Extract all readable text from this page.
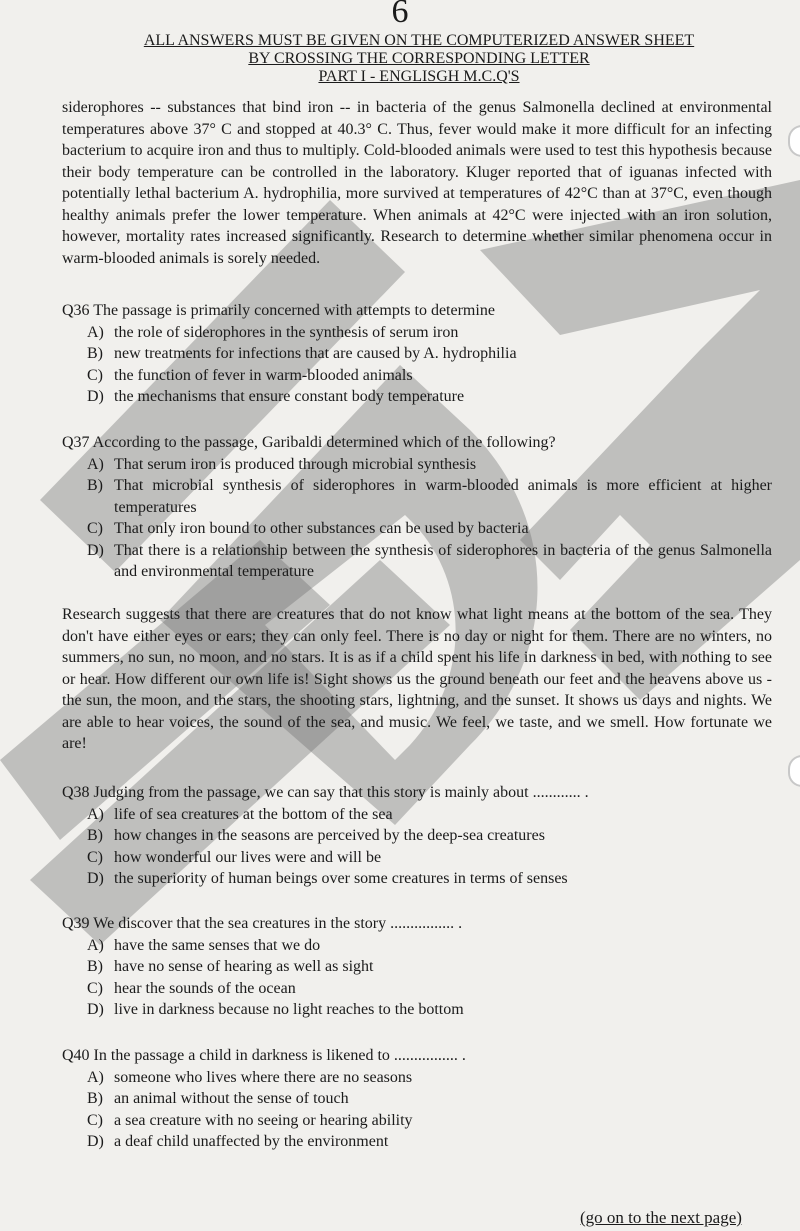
6
ALL ANSWERS MUST BE GIVEN ON THE COMPUTERIZED ANSWER SHEET
BY CROSSING THE CORRESPONDING LETTER
PART I - ENGLISGH M.C.Q'S
siderophores -- substances that bind iron -- in bacteria of the genus Salmonella declined at environmental temperatures above 37° C and stopped at 40.3° C. Thus, fever would make it more difficult for an infecting bacterium to acquire iron and thus to multiply. Cold-blooded animals were used to test this hypothesis because their body temperature can be controlled in the laboratory. Kluger reported that of iguanas infected with potentially lethal bacterium A. hydrophilia, more survived at temperatures of 42°C than at 37°C, even though healthy animals prefer the lower temperature. When animals at 42°C were injected with an iron solution, however, mortality rates increased significantly. Research to determine whether similar phenomena occur in warm-blooded animals is sorely needed.

Q36 The passage is primarily concerned with attempts to determine

A) the role of siderophores in the synthesis of serum iron
B) new treatments for infections that are caused by A. hydrophilia
C) the function of fever in warm-blooded animals
D) the mechanisms that ensure constant body temperature

Q37 According to the passage, Garibaldi determined which of the following?

A) That serum iron is produced through microbial synthesis
B) That microbial synthesis of siderophores in warm-blooded animals is more efficient at higher temperatures
C) That only iron bound to other substances can be used by bacteria
D) That there is a relationship between the synthesis of siderophores in bacteria of the genus Salmonella and environmental temperature
Research suggests that there are creatures that do not know what light means at the bottom of the sea. They don't have either eyes or ears; they can only feel. There is no day or night for them. There are no winters, no summers, no sun, no moon, and no stars. It is as if a child spent his life in darkness in bed, with nothing to see or hear. How different our own life is! Sight shows us the ground beneath our feet and the heavens above us - the sun, the moon, and the stars, the shooting stars, lightning, and the sunset. It shows us days and nights. We are able to hear voices, the sound of the sea, and music. We feel, we taste, and we smell. How fortunate we are!

Q38 Judging from the passage, we can say that this story is mainly about ............ .

A) life of sea creatures at the bottom of the sea
B) how changes in the seasons are perceived by the deep-sea creatures
C) how wonderful our lives were and will be
D) the superiority of human beings over some creatures in terms of senses

Q39 We discover that the sea creatures in the story ................ .

A) have the same senses that we do
B) have no sense of hearing as well as sight
C) hear the sounds of the ocean
D) live in darkness because no light reaches to the bottom

Q40 In the passage a child in darkness is likened to ................ .

A) someone who lives where there are no seasons
B) an animal without the sense of touch
C) a sea creature with no seeing or hearing ability
D) a deaf child unaffected by the environment
(go on to the next page)
